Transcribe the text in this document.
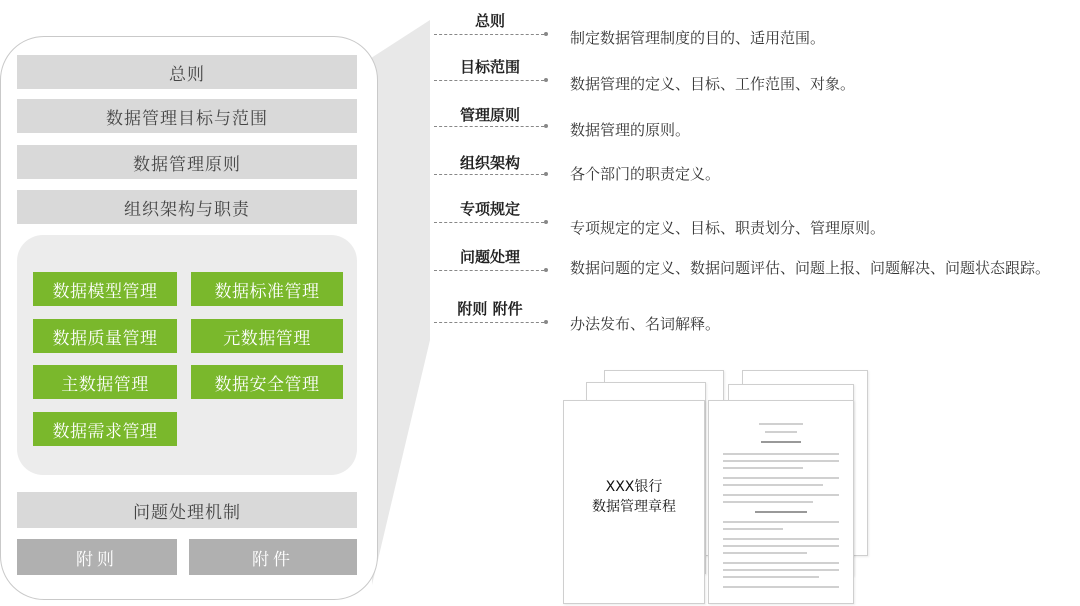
总则
数据管理目标与范围
数据管理原则
组织架构与职责
数据模型管理	数据标准管理
数据质量管理	元数据管理
主数据管理	数据安全管理
数据需求管理
问题处理机制
附则	附件
总则
制定数据管理制度的目的、适用范围。
目标范围
数据管理的定义、目标、工作范围、对象。
管理原则
数据管理的原则。
组织架构
各个部门的职责定义。
专项规定
专项规定的定义、目标、职责划分、管理原则。
问题处理
数据问题的定义、数据问题评估、问题上报、问题解决、问题状态跟踪。
附则 附件
办法发布、名词解释。
XXX银行
数据管理章程
